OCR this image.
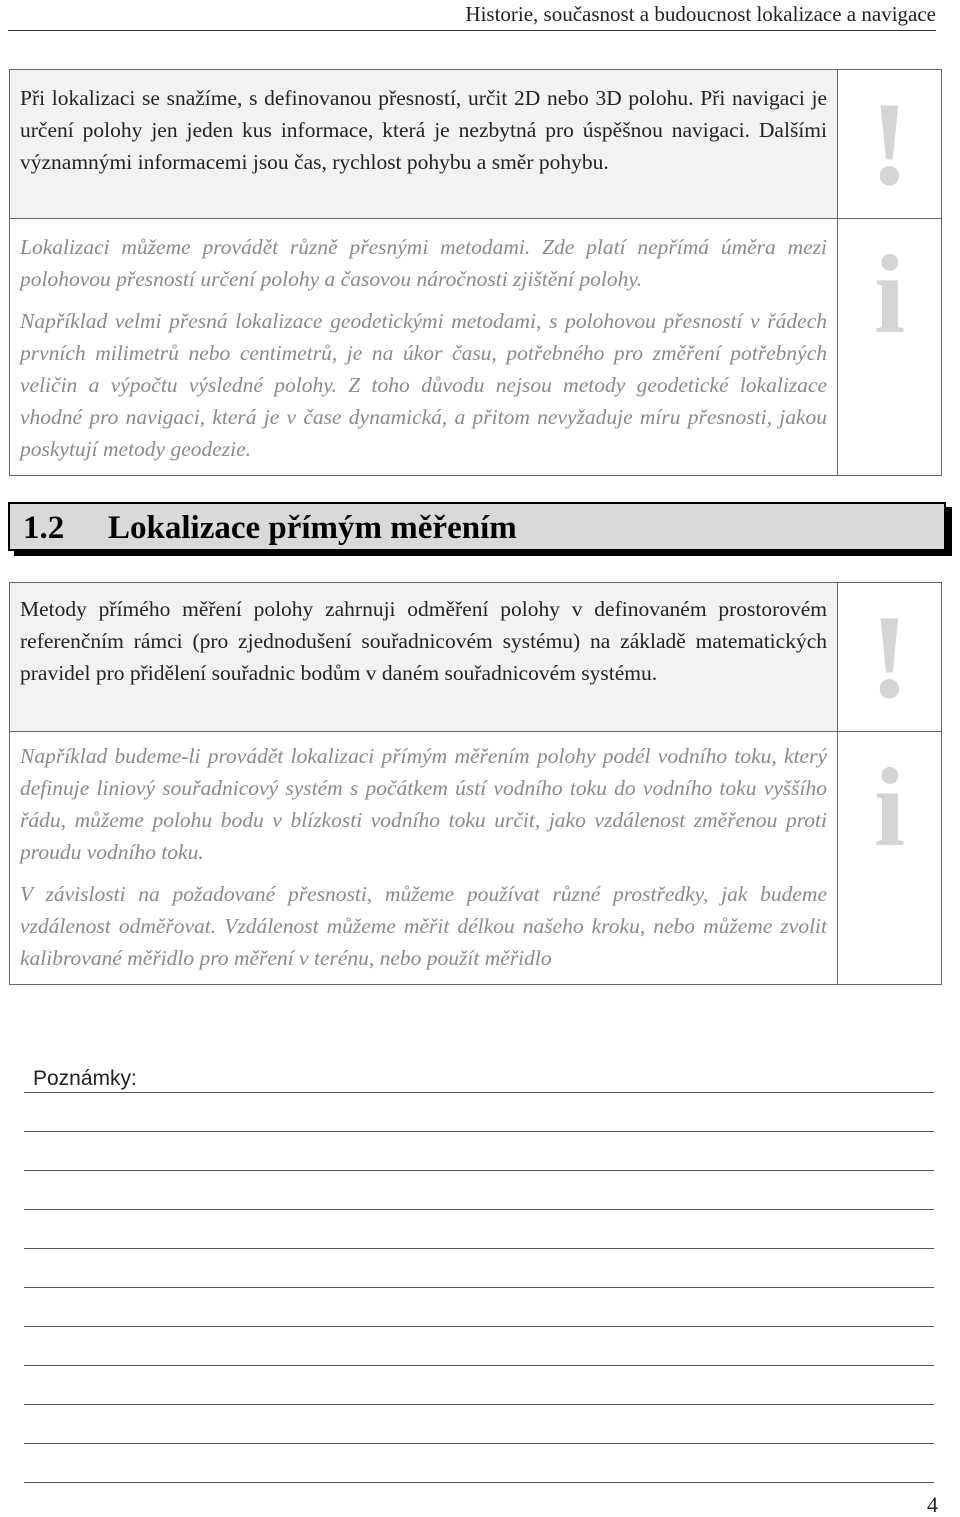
Historie, současnost a budoucnost lokalizace a navigace

Při lokalizaci se snažíme, s definovanou přesností, určit 2D nebo 3D polohu. Při navigaci je určení polohy jen jeden kus informace, která je nezbytná pro úspěšnou navigaci. Dalšími významnými informacemi jsou čas, rychlost pohybu a směr pohybu.	!

Lokalizaci můžeme provádět různě přesnými metodami. Zde platí nepřímá úměra mezi polohovou přesností určení polohy a časovou náročnosti zjištění polohy.

Například velmi přesná lokalizace geodetickými metodami, s polohovou přesností v řádech prvních milimetrů nebo centimetrů, je na úkor času, potřebného pro změření potřebných veličin a výpočtu výsledné polohy. Z toho důvodu nejsou metody geodetické lokalizace vhodné pro navigaci, která je v čase dynamická, a přitom nevyžaduje míru přesnosti, jakou poskytují metody geodezie.	i
1.2 Lokalizace přímým měřením

Metody přímého měření polohy zahrnuji odměření polohy v definovaném prostorovém referenčním rámci (pro zjednodušení souřadnicovém systému) na základě matematických pravidel pro přidělení souřadnic bodům v daném souřadnicovém systému.	!

Například budeme-li provádět lokalizaci přímým měřením polohy podél vodního toku, který definuje liniový souřadnicový systém s počátkem ústí vodního toku do vodního toku vyššího řádu, můžeme polohu bodu v blízkosti vodního toku určit, jako vzdálenost změřenou proti proudu vodního toku.

V závislosti na požadované přesnosti, můžeme používat různé prostředky, jak budeme vzdálenost odměřovat. Vzdálenost můžeme měřit délkou našeho kroku, nebo můžeme zvolit kalibrované měřidlo pro měření v terénu, nebo použít měřidlo	i
Poznámky:
4
